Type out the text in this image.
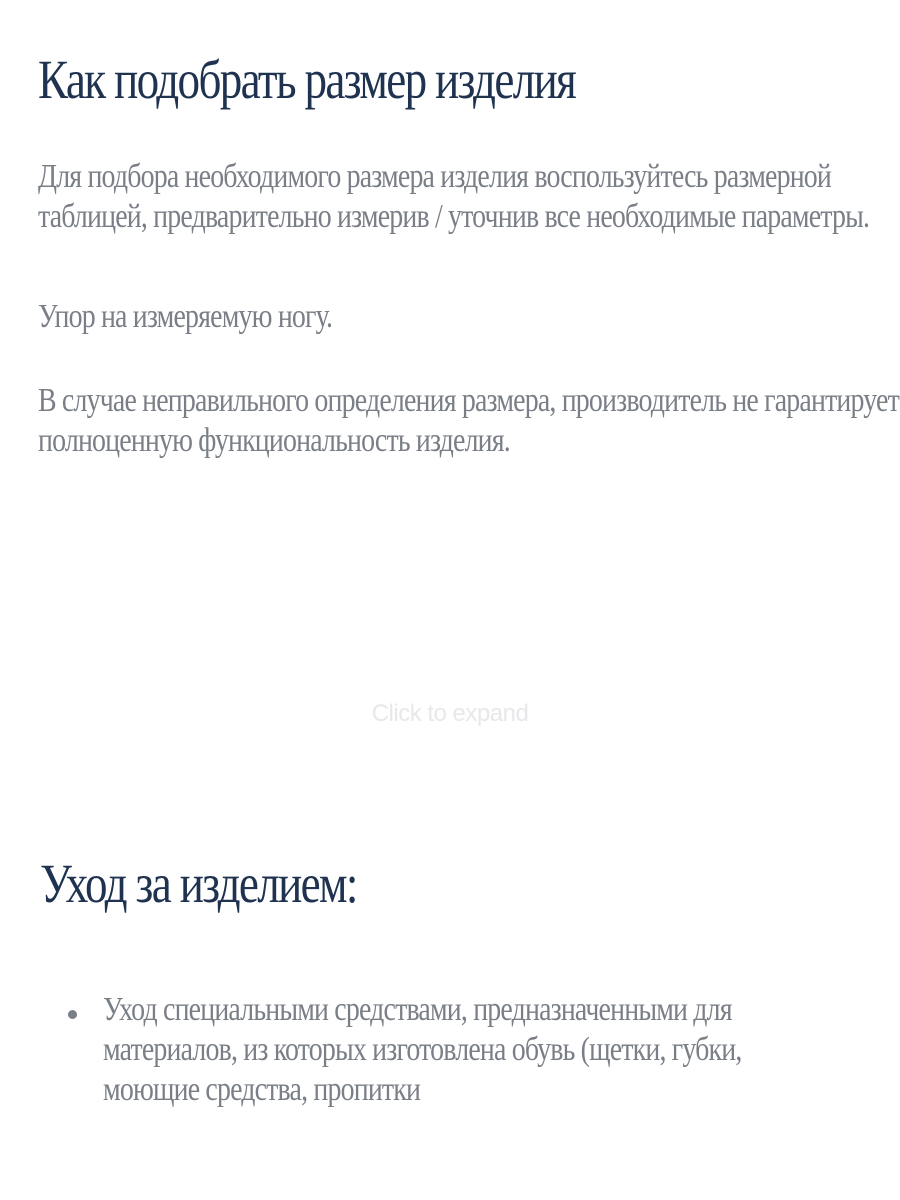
Как подобрать размер изделия

Для подбора необходимого размера изделия воспользуйтесь размерной таблицей, предварительно измерив / уточнив все необходимые параметры.

Упор на измеряемую ногу.

В случае неправильного определения размера, производитель не гарантирует полноценную функциональность изделия.

Click to expand
Уход за изделием:
Уход специальными средствами, предназначенными для материалов, из которых изготовлена обувь (щетки, губки, моющие средства, пропитки
